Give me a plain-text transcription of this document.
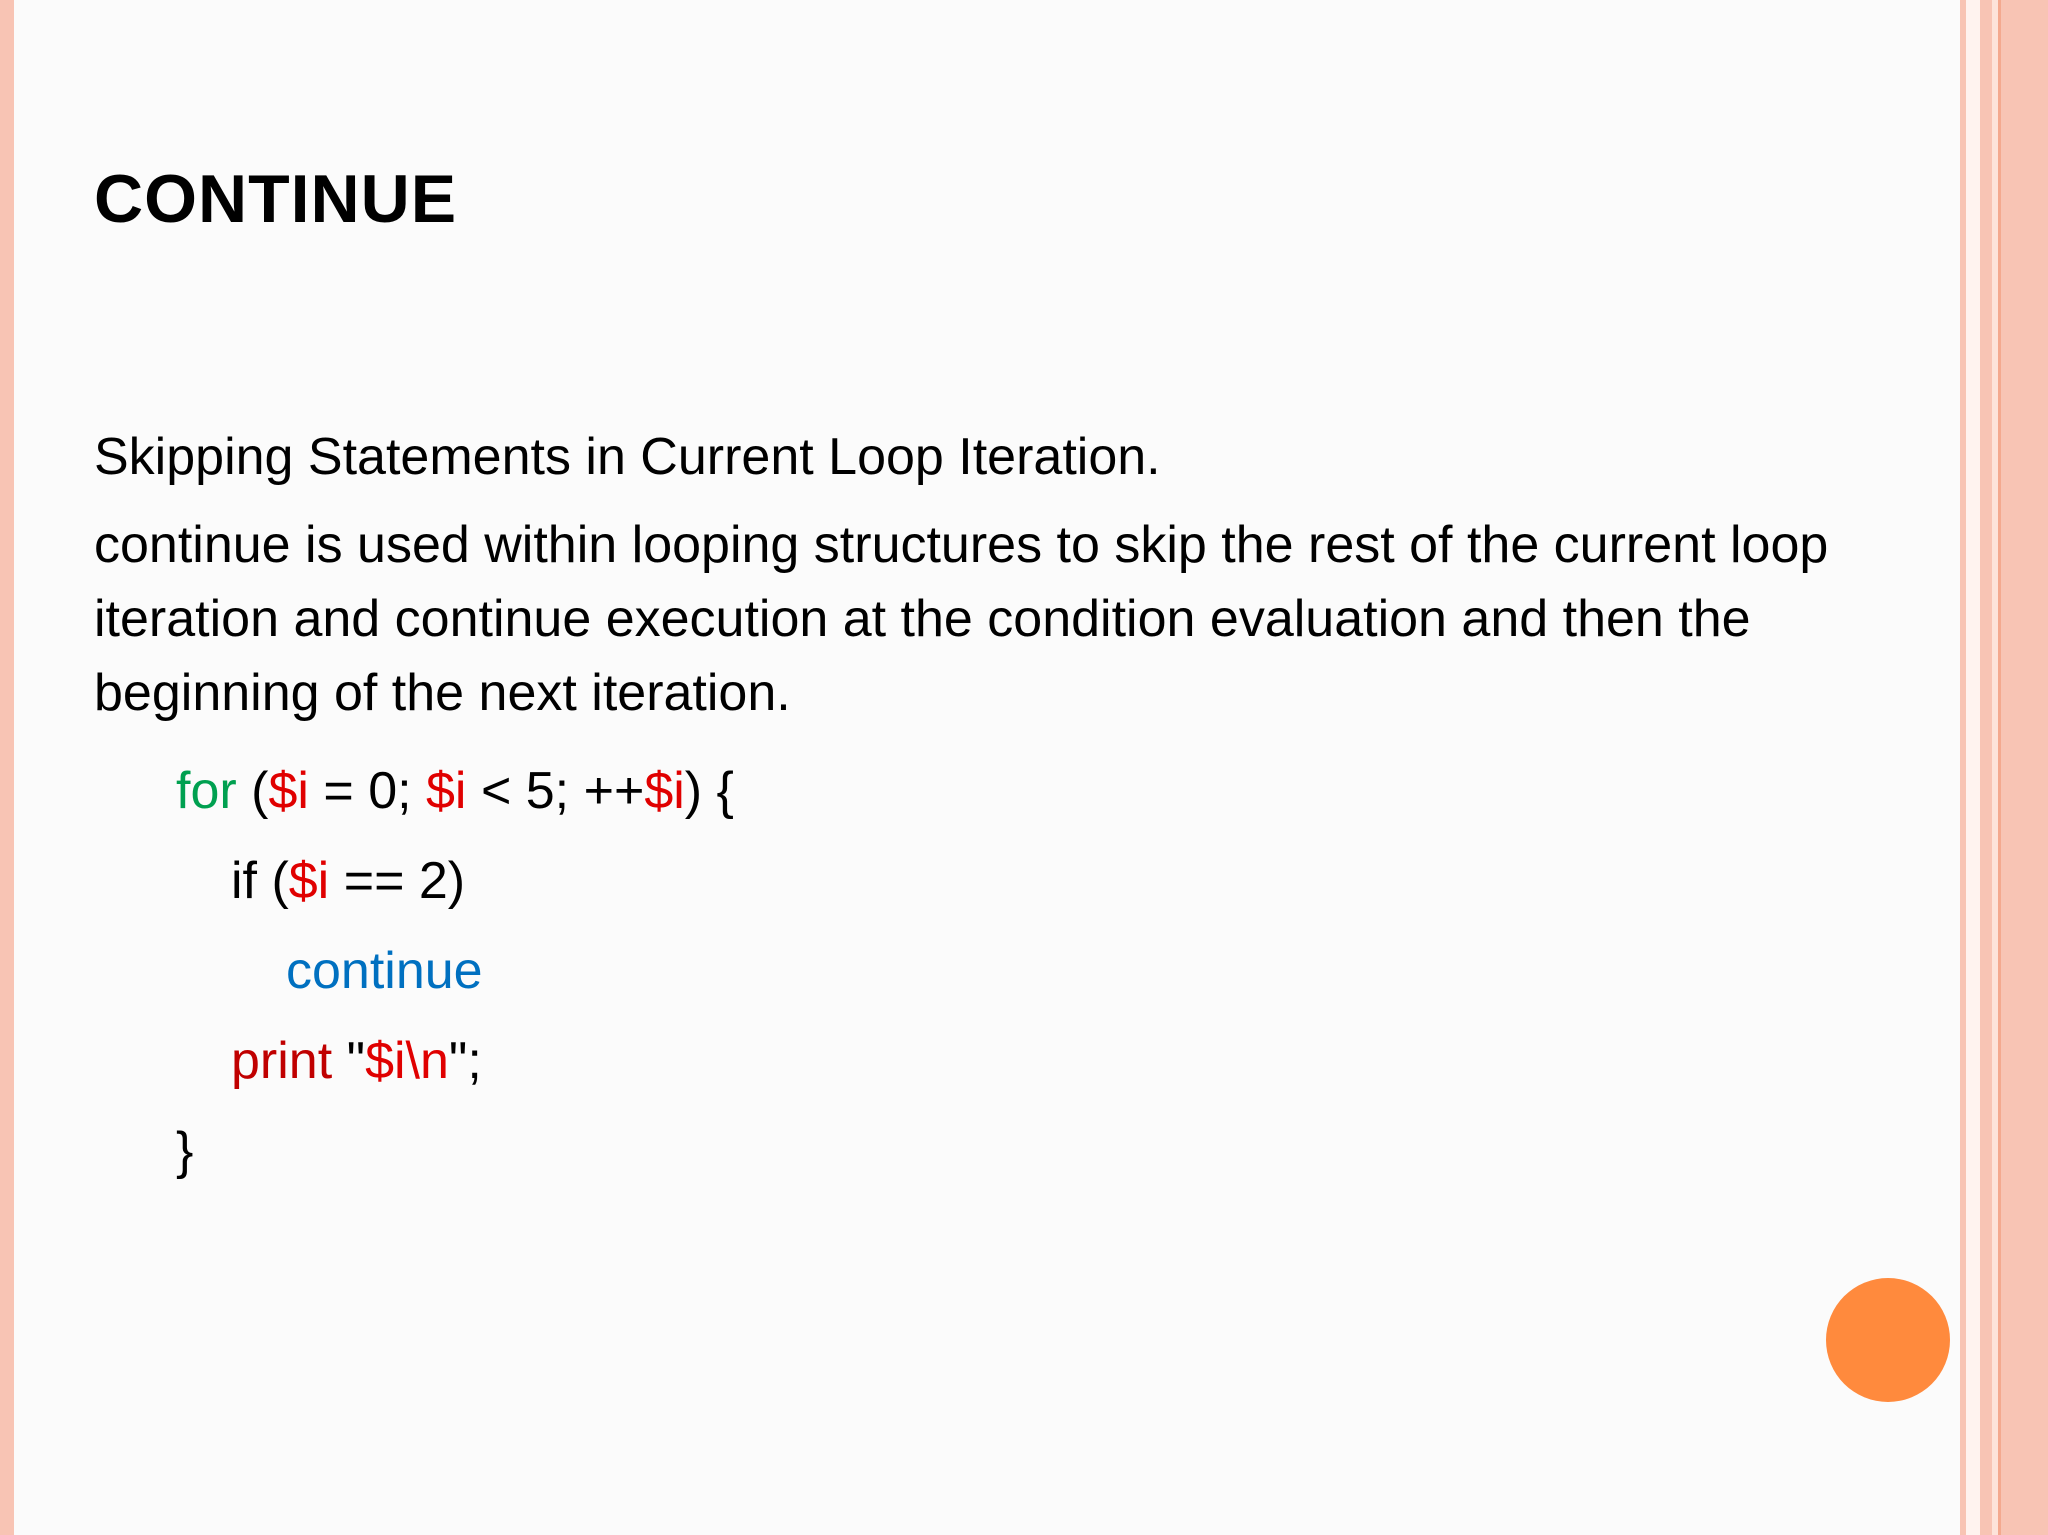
CONTINUE

Skipping Statements in Current Loop Iteration.

continue is used within looping structures to skip the rest of the current loop iteration and continue execution at the condition evaluation and then the beginning of the next iteration.

for ($i = 0; $i < 5; ++$i) {
if ($i == 2)
continue
print "$i\n";
}
